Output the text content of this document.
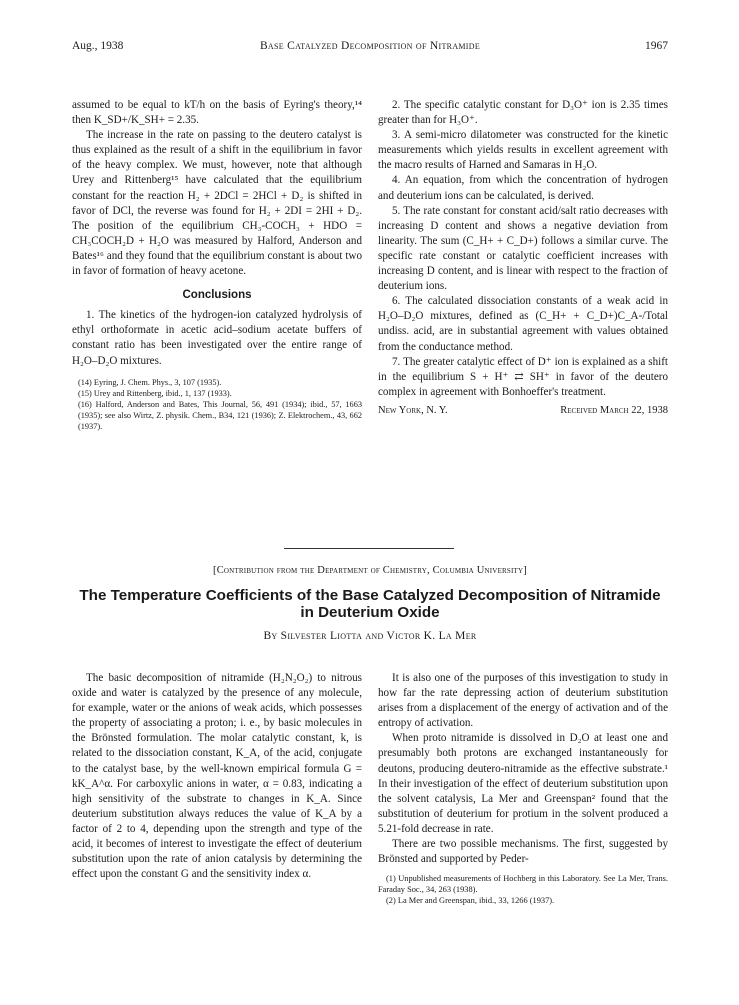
Aug., 1938	Base Catalyzed Decomposition of Nitramide	1967

assumed to be equal to kT/h on the basis of Eyring's theory,¹⁴ then K_SD+/K_SH+ = 2.35.

The increase in the rate on passing to the deutero catalyst is thus explained as the result of a shift in the equilibrium in favor of the heavy complex. We must, however, note that although Urey and Rittenberg¹⁵ have calculated that the equilibrium constant for the reaction H₂ + 2DCl = 2HCl + D₂ is shifted in favor of DCl, the reverse was found for H₂ + 2DI = 2HI + D₂. The position of the equilibrium CH₃-COCH₃ + HDO = CH₃COCH₂D + H₂O was measured by Halford, Anderson and Bates¹⁶ and they found that the equilibrium constant is about two in favor of formation of heavy acetone.

Conclusions

1. The kinetics of the hydrogen-ion catalyzed hydrolysis of ethyl orthoformate in acetic acid–sodium acetate buffers of constant ratio has been investigated over the entire range of H₂O–D₂O mixtures.

(14) Eyring, J. Chem. Phys., 3, 107 (1935).
(15) Urey and Rittenberg, ibid., 1, 137 (1933).
(16) Halford, Anderson and Bates, This Journal, 56, 491 (1934); ibid., 57, 1663 (1935); see also Wirtz, Z. physik. Chem., B34, 121 (1936); Z. Elektrochem., 43, 662 (1937).

2. The specific catalytic constant for D₃O⁺ ion is 2.35 times greater than for H₃O⁺.

3. A semi-micro dilatometer was constructed for the kinetic measurements which yields results in excellent agreement with the macro results of Harned and Samaras in H₂O.

4. An equation, from which the concentration of hydrogen and deuterium ions can be calculated, is derived.

5. The rate constant for constant acid/salt ratio decreases with increasing D content and shows a negative deviation from linearity. The sum (C_H+ + C_D+) follows a similar curve. The specific rate constant or catalytic coefficient increases with increasing D content, and is linear with respect to the fraction of deuterium ions.

6. The calculated dissociation constants of a weak acid in H₂O–D₂O mixtures, defined as (C_H+ + C_D+)C_A-/Total undiss. acid, are in substantial agreement with values obtained from the conductance method.

7. The greater catalytic effect of D⁺ ion is explained as a shift in the equilibrium S + H⁺ ⇄ SH⁺ in favor of the deutero complex in agreement with Bonhoeffer's treatment.

New York, N. Y.	Received March 22, 1938
[Contribution from the Department of Chemistry, Columbia University]
The Temperature Coefficients of the Base Catalyzed Decomposition of Nitramide in Deuterium Oxide
By Silvester Liotta and Victor K. La Mer

The basic decomposition of nitramide (H₂N₂O₂) to nitrous oxide and water is catalyzed by the presence of any molecule, for example, water or the anions of weak acids, which possesses the property of associating a proton; i. e., by basic molecules in the Brönsted formulation. The molar catalytic constant, k, is related to the dissociation constant, K_A, of the acid, conjugate to the catalyst base, by the well-known empirical formula G = kK_A^α. For carboxylic anions in water, α = 0.83, indicating a high sensitivity of the substrate to changes in K_A. Since deuterium substitution always reduces the value of K_A by a factor of 2 to 4, depending upon the strength and type of the acid, it becomes of interest to investigate the effect of deuterium substitution upon the rate of anion catalysis by determining the effect upon the constant G and the sensitivity index α.

It is also one of the purposes of this investigation to study in how far the rate depressing action of deuterium substitution arises from a displacement of the energy of activation and of the entropy of activation.

When proto nitramide is dissolved in D₂O at least one and presumably both protons are exchanged instantaneously for deutons, producing deutero-nitramide as the effective substrate.¹ In their investigation of the effect of deuterium substitution upon the solvent catalysis, La Mer and Greenspan² found that the substitution of deuterium for protium in the solvent produced a 5.21-fold decrease in rate.

There are two possible mechanisms. The first, suggested by Brönsted and supported by Peder-

(1) Unpublished measurements of Hochberg in this Laboratory. See La Mer, Trans. Faraday Soc., 34, 263 (1938).
(2) La Mer and Greenspan, ibid., 33, 1266 (1937).
